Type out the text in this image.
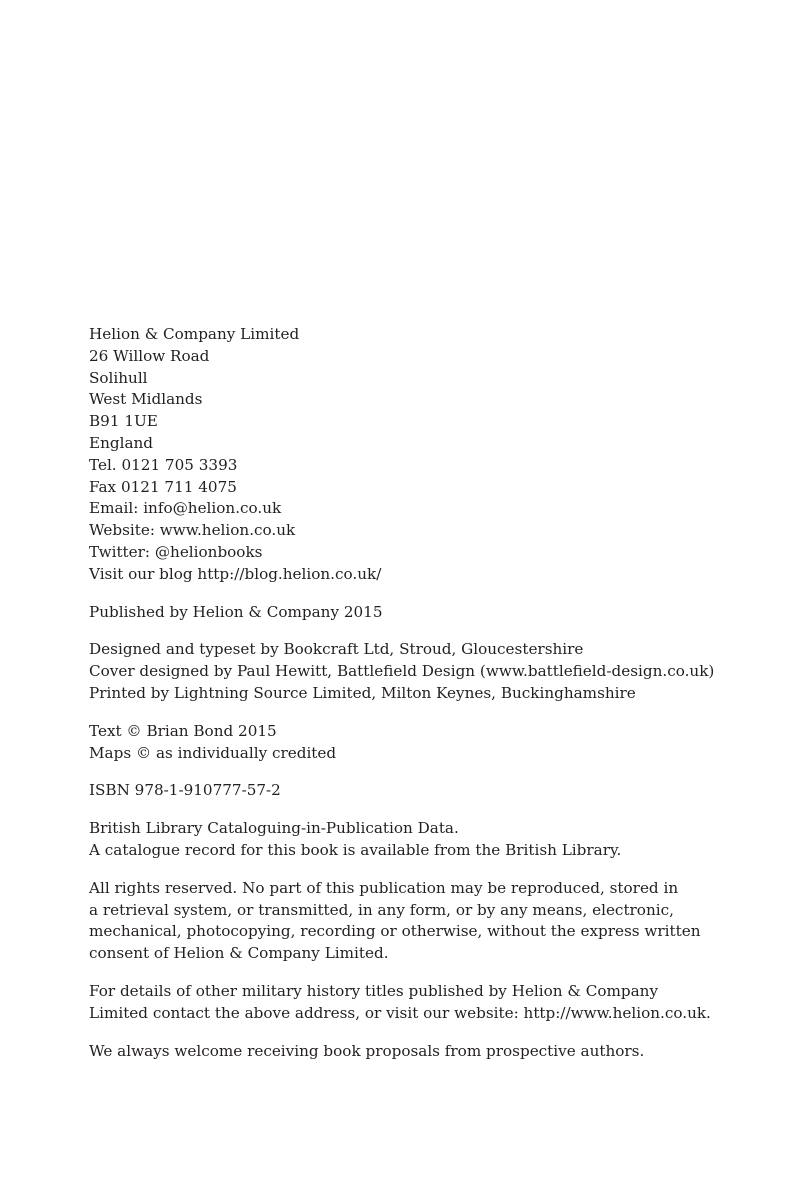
Helion & Company Limited
26 Willow Road
Solihull
West Midlands
B91 1UE
England
Tel. 0121 705 3393
Fax 0121 711 4075
Email: info@helion.co.uk
Website: www.helion.co.uk
Twitter: @helionbooks
Visit our blog http://blog.helion.co.uk/
Published by Helion & Company 2015
Designed and typeset by Bookcraft Ltd, Stroud, Gloucestershire
Cover designed by Paul Hewitt, Battlefield Design (www.battlefield-design.co.uk)
Printed by Lightning Source Limited, Milton Keynes, Buckinghamshire
Text © Brian Bond 2015
Maps © as individually credited
ISBN 978-1-910777-57-2
British Library Cataloguing-in-Publication Data.
A catalogue record for this book is available from the British Library.
All rights reserved. No part of this publication may be reproduced, stored in
a retrieval system, or transmitted, in any form, or by any means, electronic,
mechanical, photocopying, recording or otherwise, without the express written
consent of Helion & Company Limited.
For details of other military history titles published by Helion & Company
Limited contact the above address, or visit our website: http://www.helion.co.uk.
We always welcome receiving book proposals from prospective authors.
